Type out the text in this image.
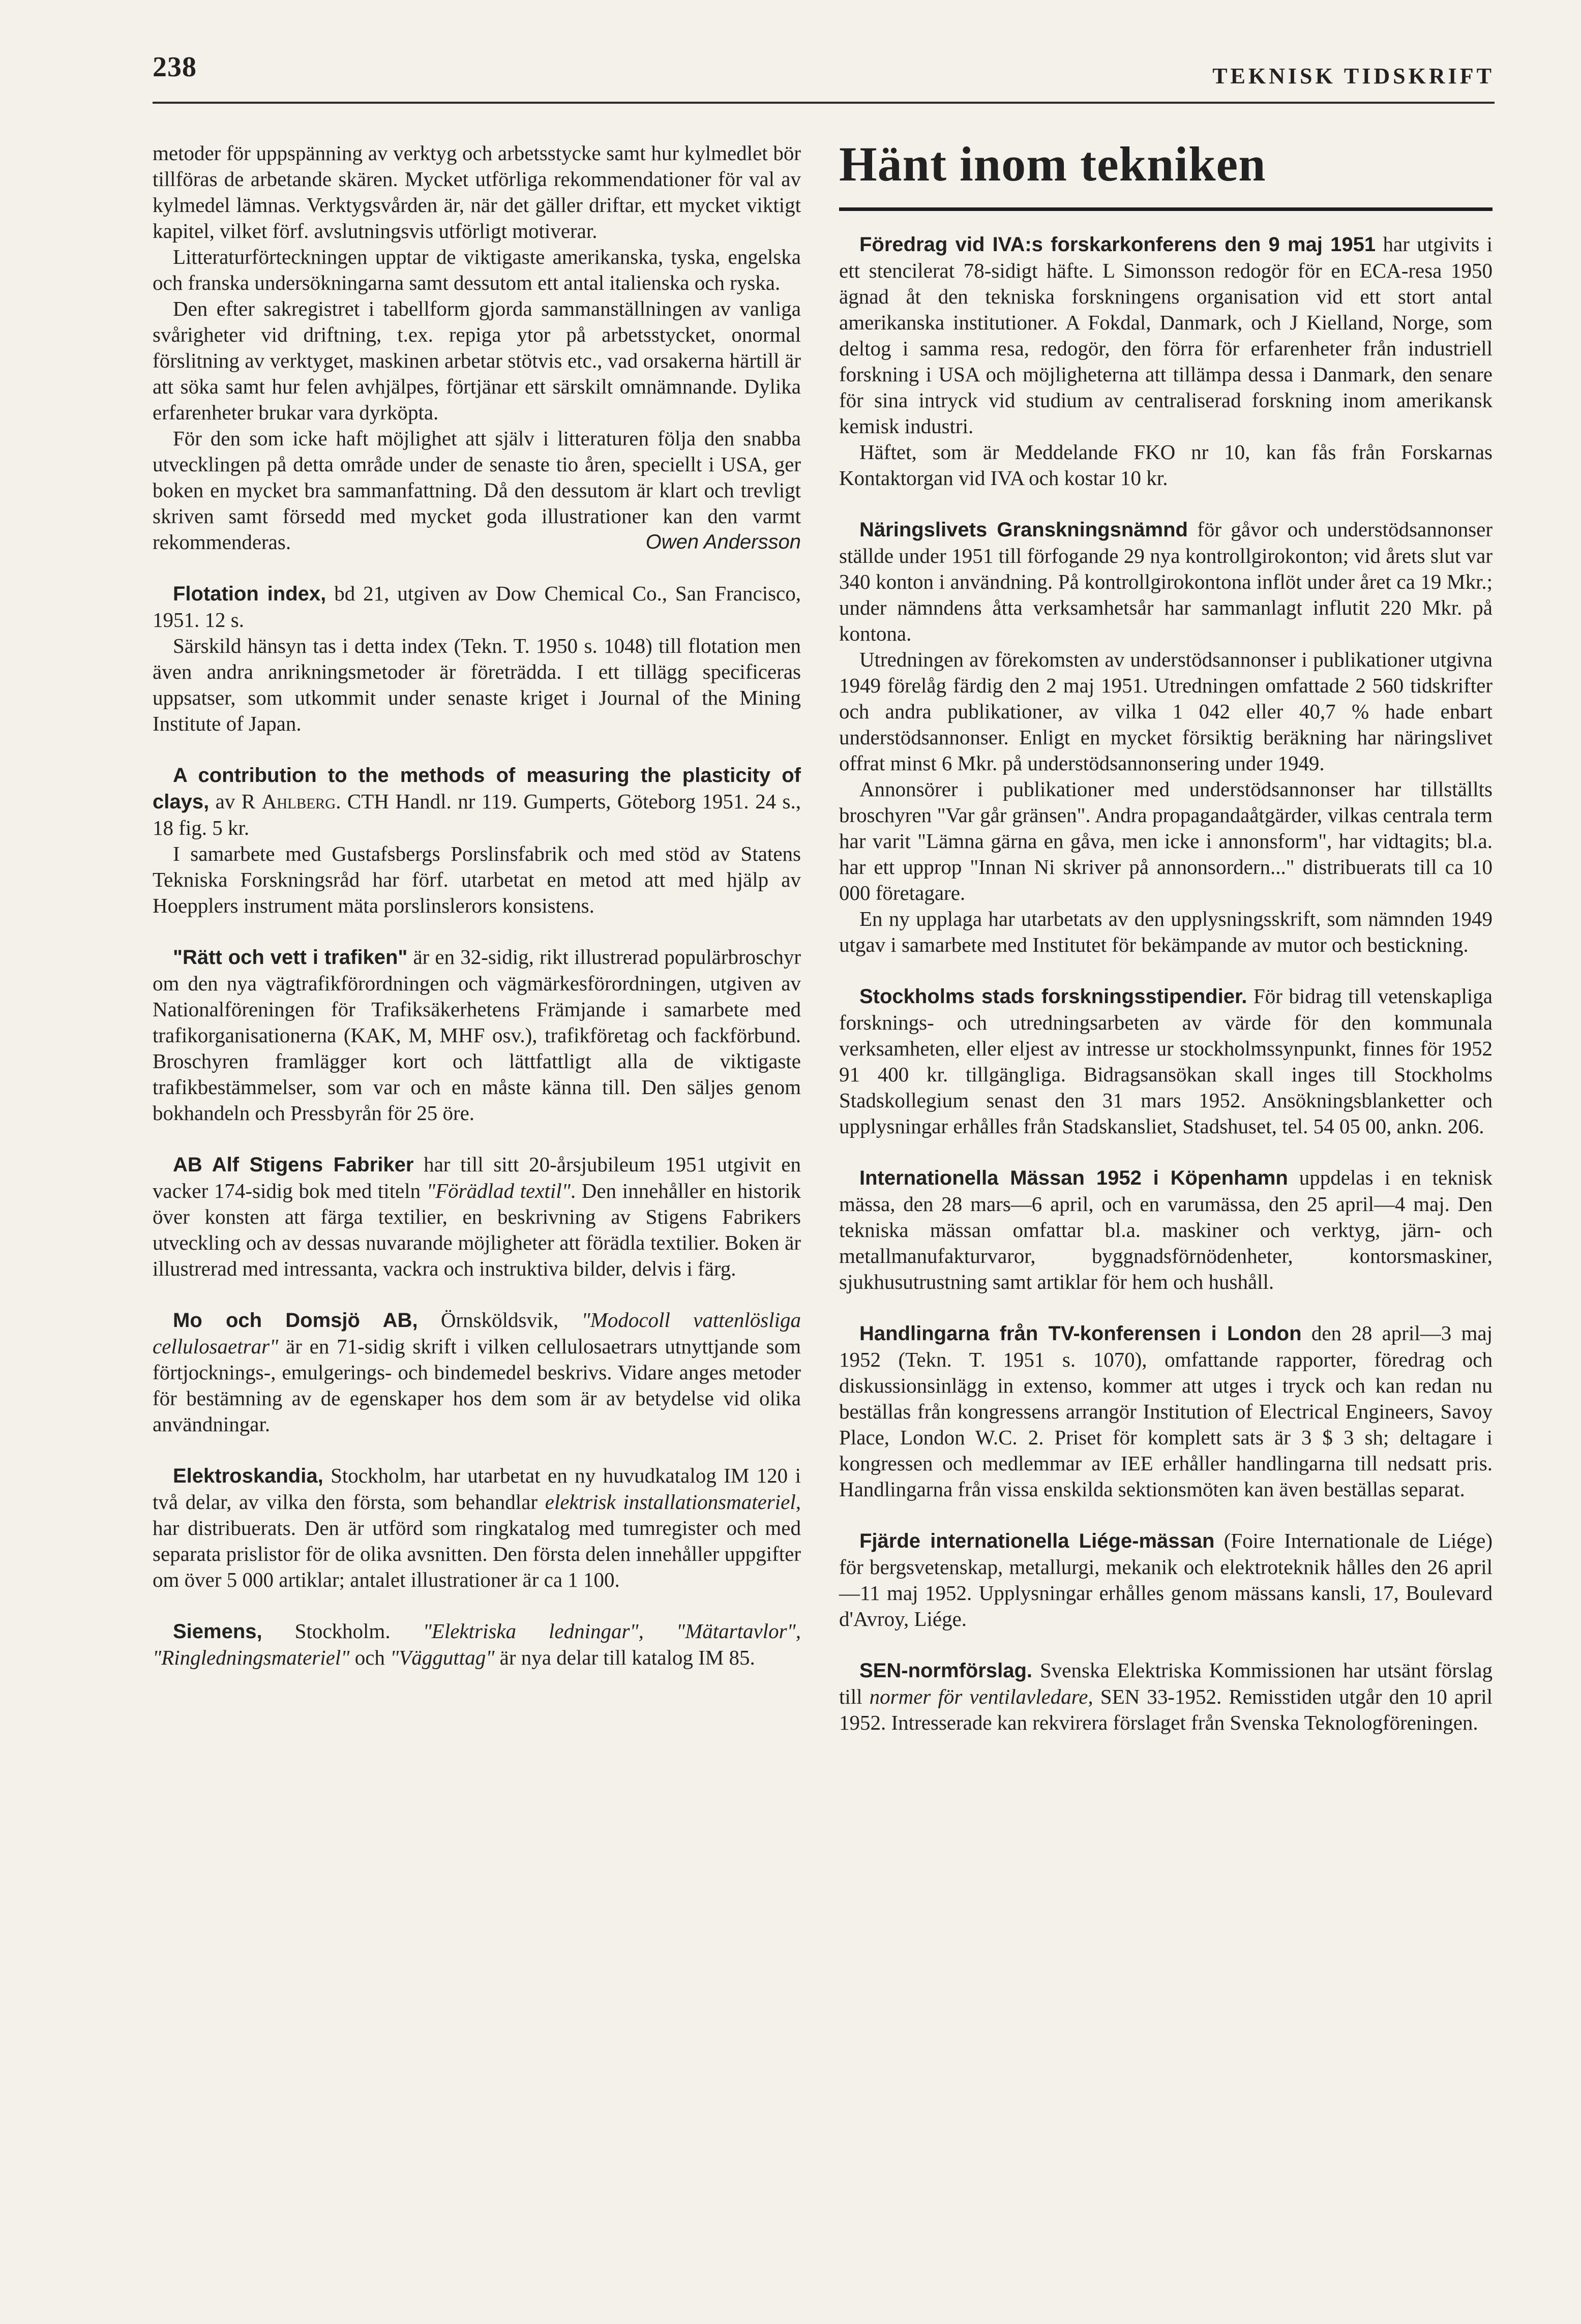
238	TEKNISK TIDSKRIFT

metoder för uppspänning av verktyg och arbetsstycke samt hur kylmedlet bör tillföras de arbetande skären. Mycket utförliga rekommendationer för val av kylmedel lämnas. Verktygsvården är, när det gäller driftar, ett mycket viktigt kapitel, vilket förf. avslutningsvis utförligt motiverar.

Litteraturförteckningen upptar de viktigaste amerikanska, tyska, engelska och franska undersökningarna samt dessutom ett antal italienska och ryska.

Den efter sakregistret i tabellform gjorda sammanställningen av vanliga svårigheter vid driftning, t.ex. repiga ytor på arbetsstycket, onormal förslitning av verktyget, maskinen arbetar stötvis etc., vad orsakerna härtill är att söka samt hur felen avhjälpes, förtjänar ett särskilt omnämnande. Dylika erfarenheter brukar vara dyrköpta.

För den som icke haft möjlighet att själv i litteraturen följa den snabba utvecklingen på detta område under de senaste tio åren, speciellt i USA, ger boken en mycket bra sammanfattning. Då den dessutom är klart och trevligt skriven samt försedd med mycket goda illustrationer kan den varmt rekommenderas.	Owen Andersson

Flotation index, bd 21, utgiven av Dow Chemical Co., San Francisco, 1951. 12 s.

Särskild hänsyn tas i detta index (Tekn. T. 1950 s. 1048) till flotation men även andra anrikningsmetoder är företrädda. I ett tillägg specificeras uppsatser, som utkommit under senaste kriget i Journal of the Mining Institute of Japan.

A contribution to the methods of measuring the plasticity of clays, av R Ahlberg. CTH Handl. nr 119. Gumperts, Göteborg 1951. 24 s., 18 fig. 5 kr.

I samarbete med Gustafsbergs Porslinsfabrik och med stöd av Statens Tekniska Forskningsråd har förf. utarbetat en metod att med hjälp av Hoepplers instrument mäta porslinslerors konsistens.

"Rätt och vett i trafiken" är en 32-sidig, rikt illustrerad populärbroschyr om den nya vägtrafikförordningen och vägmärkesförordningen, utgiven av Nationalföreningen för Trafiksäkerhetens Främjande i samarbete med trafikorganisationerna (KAK, M, MHF osv.), trafikföretag och fackförbund. Broschyren framlägger kort och lättfattligt alla de viktigaste trafikbestämmelser, som var och en måste känna till. Den säljes genom bokhandeln och Pressbyrån för 25 öre.

AB Alf Stigens Fabriker har till sitt 20-årsjubileum 1951 utgivit en vacker 174-sidig bok med titeln "Förädlad textil". Den innehåller en historik över konsten att färga textilier, en beskrivning av Stigens Fabrikers utveckling och av dessas nuvarande möjligheter att förädla textilier. Boken är illustrerad med intressanta, vackra och instruktiva bilder, delvis i färg.

Mo och Domsjö AB, Örnsköldsvik, "Modocoll vattenlösliga cellulosaetrar" är en 71-sidig skrift i vilken cellulosaetrars utnyttjande som förtjocknings-, emulgerings- och bindemedel beskrivs. Vidare anges metoder för bestämning av de egenskaper hos dem som är av betydelse vid olika användningar.

Elektroskandia, Stockholm, har utarbetat en ny huvudkatalog IM 120 i två delar, av vilka den första, som behandlar elektrisk installationsmateriel, har distribuerats. Den är utförd som ringkatalog med tumregister och med separata prislistor för de olika avsnitten. Den första delen innehåller uppgifter om över 5 000 artiklar; antalet illustrationer är ca 1 100.

Siemens, Stockholm. "Elektriska ledningar", "Mätartavlor", "Ringledningsmateriel" och "Vägguttag" är nya delar till katalog IM 85.

Hänt inom tekniken

Föredrag vid IVA:s forskarkonferens den 9 maj 1951 har utgivits i ett stencilerat 78-sidigt häfte. L Simonsson redogör för en ECA-resa 1950 ägnad åt den tekniska forskningens organisation vid ett stort antal amerikanska institutioner. A Fokdal, Danmark, och J Kielland, Norge, som deltog i samma resa, redogör, den förra för erfarenheter från industriell forskning i USA och möjligheterna att tillämpa dessa i Danmark, den senare för sina intryck vid studium av centraliserad forskning inom amerikansk kemisk industri.

Häftet, som är Meddelande FKO nr 10, kan fås från Forskarnas Kontaktorgan vid IVA och kostar 10 kr.

Näringslivets Granskningsnämnd för gåvor och understödsannonser ställde under 1951 till förfogande 29 nya kontrollgirokonton; vid årets slut var 340 konton i användning. På kontrollgirokontona inflöt under året ca 19 Mkr.; under nämndens åtta verksamhetsår har sammanlagt influtit 220 Mkr. på kontona.

Utredningen av förekomsten av understödsannonser i publikationer utgivna 1949 förelåg färdig den 2 maj 1951. Utredningen omfattade 2 560 tidskrifter och andra publikationer, av vilka 1 042 eller 40,7 % hade enbart understödsannonser. Enligt en mycket försiktig beräkning har näringslivet offrat minst 6 Mkr. på understödsannonsering under 1949.

Annonsörer i publikationer med understödsannonser har tillställts broschyren "Var går gränsen". Andra propagandaåtgärder, vilkas centrala term har varit "Lämna gärna en gåva, men icke i annonsform", har vidtagits; bl.a. har ett upprop "Innan Ni skriver på annonsordern..." distribuerats till ca 10 000 företagare.

En ny upplaga har utarbetats av den upplysningsskrift, som nämnden 1949 utgav i samarbete med Institutet för bekämpande av mutor och bestickning.

Stockholms stads forskningsstipendier. För bidrag till vetenskapliga forsknings- och utredningsarbeten av värde för den kommunala verksamheten, eller eljest av intresse ur stockholmssynpunkt, finnes för 1952 91 400 kr. tillgängliga. Bidragsansökan skall inges till Stockholms Stadskollegium senast den 31 mars 1952. Ansökningsblanketter och upplysningar erhålles från Stadskansliet, Stadshuset, tel. 54 05 00, ankn. 206.

Internationella Mässan 1952 i Köpenhamn uppdelas i en teknisk mässa, den 28 mars—6 april, och en varumässa, den 25 april—4 maj. Den tekniska mässan omfattar bl.a. maskiner och verktyg, järn- och metallmanufakturvaror, byggnadsförnödenheter, kontorsmaskiner, sjukhusutrustning samt artiklar för hem och hushåll.

Handlingarna från TV-konferensen i London den 28 april—3 maj 1952 (Tekn. T. 1951 s. 1070), omfattande rapporter, föredrag och diskussionsinlägg in extenso, kommer att utges i tryck och kan redan nu beställas från kongressens arrangör Institution of Electrical Engineers, Savoy Place, London W.C. 2. Priset för komplett sats är 3 $ 3 sh; deltagare i kongressen och medlemmar av IEE erhåller handlingarna till nedsatt pris. Handlingarna från vissa enskilda sektionsmöten kan även beställas separat.

Fjärde internationella Liége-mässan (Foire Internationale de Liége) för bergsvetenskap, metallurgi, mekanik och elektroteknik hålles den 26 april—11 maj 1952. Upplysningar erhålles genom mässans kansli, 17, Boulevard d'Avroy, Liége.

SEN-normförslag. Svenska Elektriska Kommissionen har utsänt förslag till normer för ventilavledare, SEN 33-1952. Remisstiden utgår den 10 april 1952. Intresserade kan rekvirera förslaget från Svenska Teknologföreningen.
